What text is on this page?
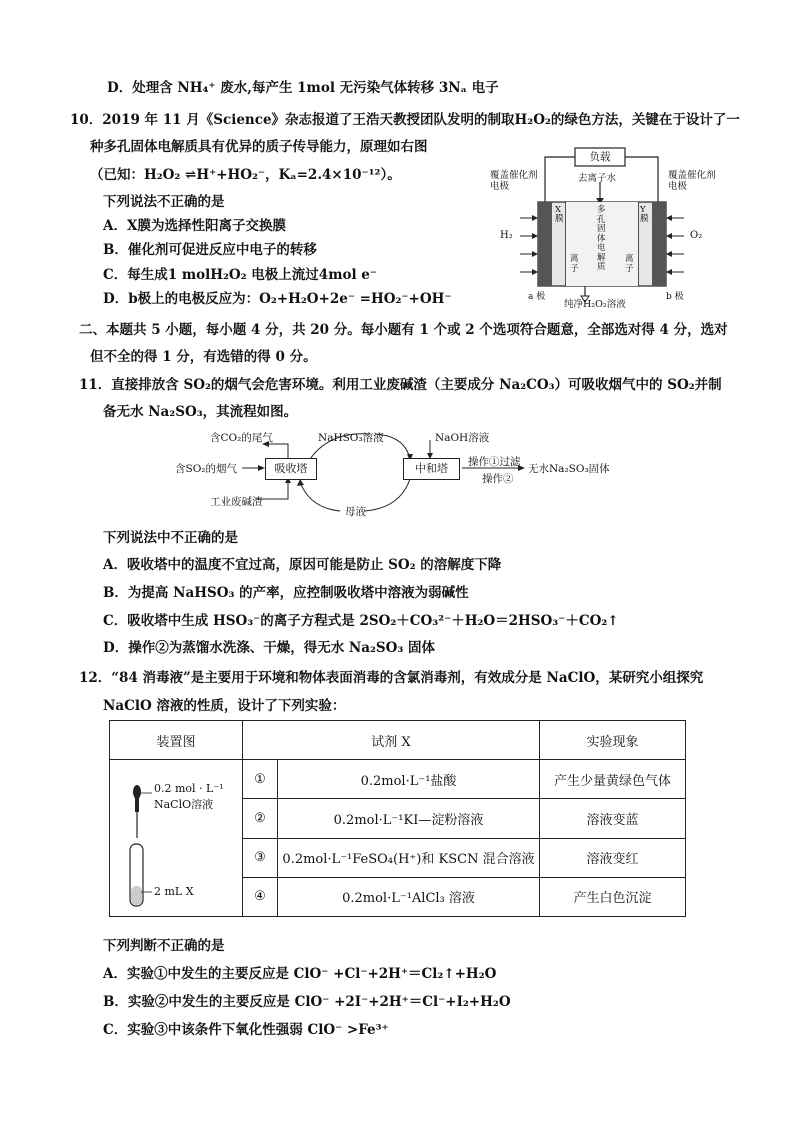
D．处理含 NH₄⁺ 废水,每产生 1mol 无污染气体转移 3Nₐ 电子
10．2019 年 11 月《Science》杂志报道了王浩天教授团队发明的制取H₂O₂的绿色方法，关键在于设计了一
种多孔固体电解质具有优异的质子传导能力，原理如右图
（已知：H₂O₂ ⇌H⁺+HO₂⁻，Kₐ=2.4×10⁻¹²）。
下列说法不正确的是
A．X膜为选择性阳离子交换膜
B．催化剂可促进反应中电子的转移
C．每生成1 molH₂O₂ 电极上流过4mol e⁻
D．b极上的电极反应为：O₂+H₂O+2e⁻ =HO₂⁻+OH⁻
负载
覆盖催化剂
电极
覆盖催化剂
电极
去离子水
H₂	O₂
X
膜
Y
膜
多
孔
固
体
电
解
质
离
子
离
子
a 极	b 极
纯净H₂O₂溶液
二、本题共 5 小题，每小题 4 分，共 20 分。每小题有 1 个或 2 个选项符合题意，全部选对得 4 分，选对
但不全的得 1 分，有选错的得 0 分。
11．直接排放含 SO₂的烟气会危害环境。利用工业废碱渣（主要成分 Na₂CO₃）可吸收烟气中的 SO₂并制
备无水 Na₂SO₃，其流程如图。
吸收塔	中和塔
含CO₂的尾气
含SO₂的烟气
工业废碱渣
NaHSO₃溶液	NaOH溶液
母液
操作①过滤
操作②
无水Na₂SO₃固体
下列说法中不正确的是
A．吸收塔中的温度不宜过高，原因可能是防止 SO₂ 的溶解度下降
B．为提高 NaHSO₃ 的产率，应控制吸收塔中溶液为弱碱性
C．吸收塔中生成 HSO₃⁻的离子方程式是 2SO₂＋CO₃²⁻＋H₂O＝2HSO₃⁻＋CO₂↑
D．操作②为蒸馏水洗涤、干燥，得无水 Na₂SO₃ 固体
12．“84 消毒液”是主要用于环境和物体表面消毒的含氯消毒剂，有效成分是 NaClO，某研究小组探究
NaClO 溶液的性质，设计了下列实验：
装置图	试剂 X		实验现象

0.2 mol · L⁻¹
NaClO溶液
2 mL X	①	0.2mol·L⁻¹盐酸	产生少量黄绿色气体
	②	0.2mol·L⁻¹KI—淀粉溶液	溶液变蓝
	③	0.2mol·L⁻¹FeSO₄(H⁺)和 KSCN 混合溶液	溶液变红
	④	0.2mol·L⁻¹AlCl₃ 溶液	产生白色沉淀
下列判断不正确的是
A．实验①中发生的主要反应是 ClO⁻ +Cl⁻+2H⁺＝Cl₂↑+H₂O
B．实验②中发生的主要反应是 ClO⁻ +2I⁻+2H⁺＝Cl⁻+I₂+H₂O
C．实验③中该条件下氧化性强弱 ClO⁻ >Fe³⁺
